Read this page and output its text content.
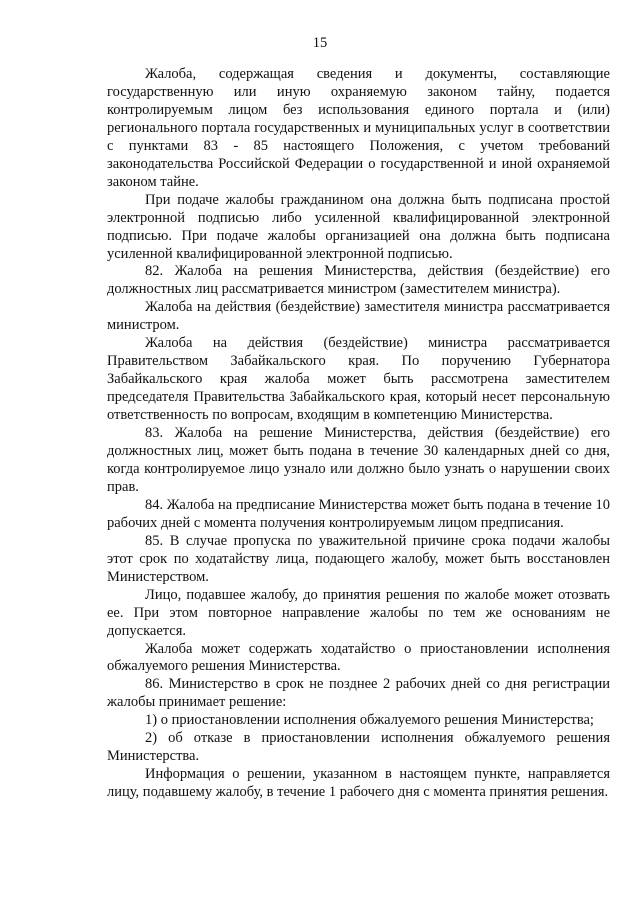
15

Жалоба, содержащая сведения и документы, составляющие государственную или иную охраняемую законом тайну, подается контролируемым лицом без использования единого портала и (или) регионального портала государственных и муниципальных услуг в соответствии с пунктами 83 - 85 настоящего Положения, с учетом требований законодательства Российской Федерации о государственной и иной охраняемой законом тайне.

При подаче жалобы гражданином она должна быть подписана простой электронной подписью либо усиленной квалифицированной электронной подписью. При подаче жалобы организацией она должна быть подписана усиленной квалифицированной электронной подписью.

82. Жалоба на решения Министерства, действия (бездействие) его должностных лиц рассматривается министром (заместителем министра).

Жалоба на действия (бездействие) заместителя министра рассматривается министром.

Жалоба на действия (бездействие) министра рассматривается Правительством Забайкальского края. По поручению Губернатора Забайкальского края жалоба может быть рассмотрена заместителем председателя Правительства Забайкальского края, который несет персональную ответственность по вопросам, входящим в компетенцию Министерства.

83. Жалоба на решение Министерства, действия (бездействие) его должностных лиц, может быть подана в течение 30 календарных дней со дня, когда контролируемое лицо узнало или должно было узнать о нарушении своих прав.

84. Жалоба на предписание Министерства может быть подана в течение 10 рабочих дней с момента получения контролируемым лицом предписания.

85. В случае пропуска по уважительной причине срока подачи жалобы этот срок по ходатайству лица, подающего жалобу, может быть восстановлен Министерством.

Лицо, подавшее жалобу, до принятия решения по жалобе может отозвать ее. При этом повторное направление жалобы по тем же основаниям не допускается.

Жалоба может содержать ходатайство о приостановлении исполнения обжалуемого решения Министерства.

86. Министерство в срок не позднее 2 рабочих дней со дня регистрации жалобы принимает решение:

1) о приостановлении исполнения обжалуемого решения Министерства;

2) об отказе в приостановлении исполнения обжалуемого решения Министерства.

Информация о решении, указанном в настоящем пункте, направляется лицу, подавшему жалобу, в течение 1 рабочего дня с момента принятия решения.
